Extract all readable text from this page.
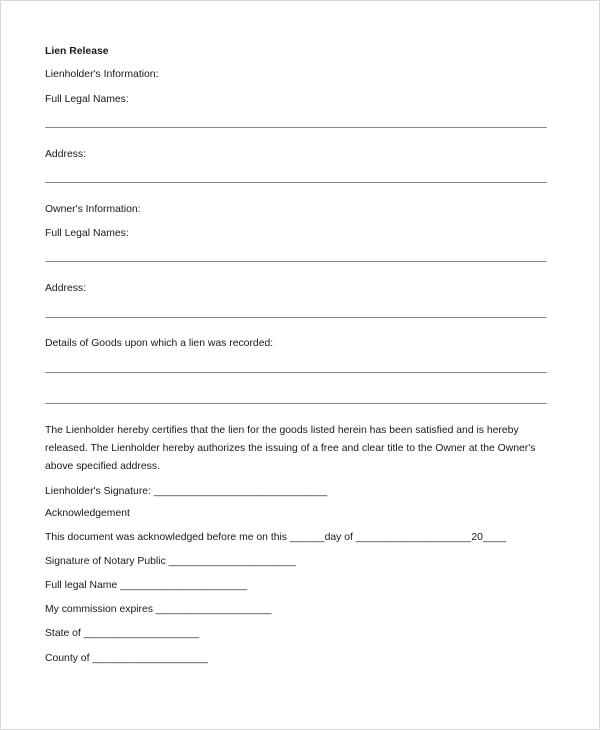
Lien Release
Lienholder's Information:
Full Legal Names:
Address:
Owner's Information:
Full Legal Names:
Address:
Details of Goods upon which a lien was recorded:
The Lienholder hereby certifies that the lien for the goods listed herein has been satisfied and is hereby
released. The Lienholder hereby authorizes the issuing of a free and clear title to the Owner at the Owner's
above specified address.
Lienholder's Signature: ______________________________
Acknowledgement
This document was acknowledged before me on this ______day of ____________________20____
Signature of Notary Public ______________________
Full legal Name ______________________
My commission expires ____________________
State of ____________________
County of ____________________
